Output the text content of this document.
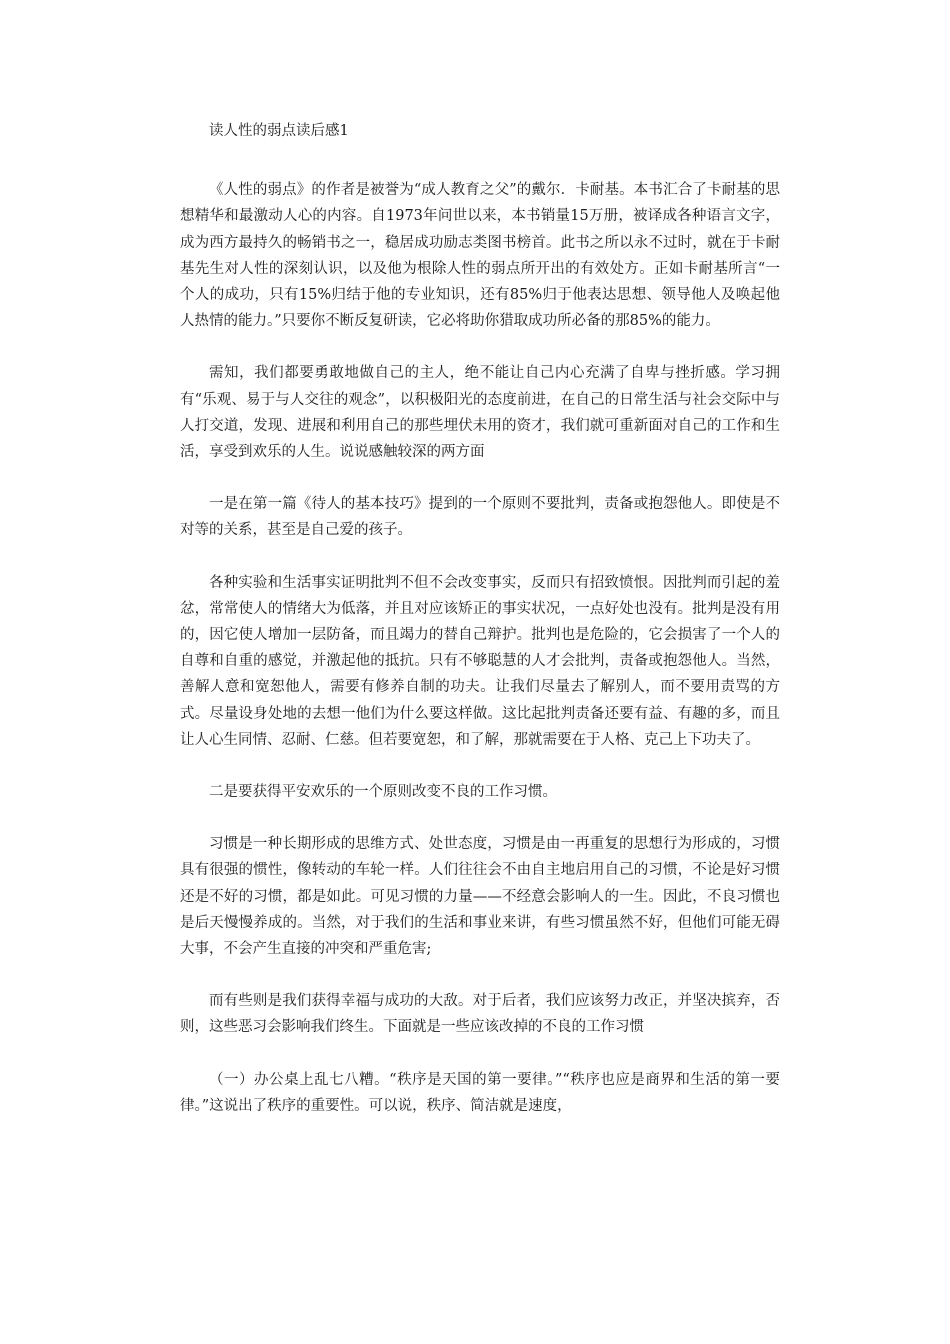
读人性的弱点读后感1

《人性的弱点》的作者是被誉为“成人教育之父”的戴尔．卡耐基。本书汇合了卡耐基的思想精华和最激动人心的内容。自1973年问世以来，本书销量15万册，被译成各种语言文字，成为西方最持久的畅销书之一，稳居成功励志类图书榜首。此书之所以永不过时，就在于卡耐基先生对人性的深刻认识，以及他为根除人性的弱点所开出的有效处方。正如卡耐基所言“一个人的成功，只有15%归结于他的专业知识，还有85%归于他表达思想、领导他人及唤起他人热情的能力。”只要你不断反复研读，它必将助你猎取成功所必备的那85%的能力。

需知，我们都要勇敢地做自己的主人，绝不能让自己内心充满了自卑与挫折感。学习拥有“乐观、易于与人交往的观念”，以积极阳光的态度前进，在自己的日常生活与社会交际中与人打交道，发现、进展和利用自己的那些埋伏未用的资才，我们就可重新面对自己的工作和生活，享受到欢乐的人生。说说感触较深的两方面

一是在第一篇《待人的基本技巧》提到的一个原则不要批判，责备或抱怨他人。即使是不对等的关系，甚至是自己爱的孩子。

各种实验和生活事实证明批判不但不会改变事实，反而只有招致愤恨。因批判而引起的羞忿，常常使人的情绪大为低落，并且对应该矫正的事实状况，一点好处也没有。批判是没有用的，因它使人增加一层防备，而且竭力的替自己辩护。批判也是危险的，它会损害了一个人的自尊和自重的感觉，并激起他的抵抗。只有不够聪慧的人才会批判，责备或抱怨他人。当然，善解人意和宽恕他人，需要有修养自制的功夫。让我们尽量去了解别人，而不要用责骂的方式。尽量设身处地的去想一他们为什么要这样做。这比起批判责备还要有益、有趣的多，而且让人心生同情、忍耐、仁慈。但若要宽恕，和了解，那就需要在于人格、克己上下功夫了。

二是要获得平安欢乐的一个原则改变不良的工作习惯。

习惯是一种长期形成的思维方式、处世态度，习惯是由一再重复的思想行为形成的，习惯具有很强的惯性，像转动的车轮一样。人们往往会不由自主地启用自己的习惯，不论是好习惯还是不好的习惯，都是如此。可见习惯的力量——不经意会影响人的一生。因此，不良习惯也是后天慢慢养成的。当然，对于我们的生活和事业来讲，有些习惯虽然不好，但他们可能无碍大事，不会产生直接的冲突和严重危害;

而有些则是我们获得幸福与成功的大敌。对于后者，我们应该努力改正，并坚决摈弃，否则，这些恶习会影响我们终生。下面就是一些应该改掉的不良的工作习惯

（一）办公桌上乱七八糟。“秩序是天国的第一要律。”“秩序也应是商界和生活的第一要律。”这说出了秩序的重要性。可以说，秩序、简洁就是速度，
